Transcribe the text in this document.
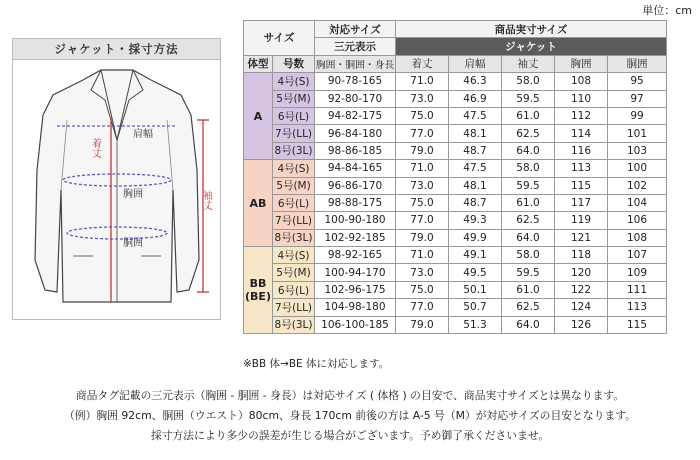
単位：cm
ジャケット・採寸方法
肩幅
胸囲
胴囲
着丈
袖丈
サイズ		対応サイズ	商品実寸サイズ				
		三元表示	ジャケット				
体型	号数	胸囲・胴囲・身長	着丈	肩幅	袖丈	胸囲	胴囲
A	4号(S)	90-78-165	71.0	46.3	58.0	108	95
	5号(M)	92-80-170	73.0	46.9	59.5	110	97
	6号(L)	94-82-175	75.0	47.5	61.0	112	99
	7号(LL)	96-84-180	77.0	48.1	62.5	114	101
	8号(3L)	98-86-185	79.0	48.7	64.0	116	103
AB	4号(S)	94-84-165	71.0	47.5	58.0	113	100
	5号(M)	96-86-170	73.0	48.1	59.5	115	102
	6号(L)	98-88-175	75.0	48.7	61.0	117	104
	7号(LL)	100-90-180	77.0	49.3	62.5	119	106
	8号(3L)	102-92-185	79.0	49.9	64.0	121	108
BB
(BE)	4号(S)	98-92-165	71.0	49.1	58.0	118	107
	5号(M)	100-94-170	73.0	49.5	59.5	120	109
	6号(L)	102-96-175	75.0	50.1	61.0	122	111
	7号(LL)	104-98-180	77.0	50.7	62.5	124	113
	8号(3L)	106-100-185	79.0	51.3	64.0	126	115
※BB 体→BE 体に対応します。
商品タグ記載の三元表示（胸囲 - 胴囲 - 身長）は対応サイズ ( 体格 ) の目安で、商品実寸サイズとは異なります。
（例）胸囲 92cm、胴囲（ウエスト）80cm、身長 170cm 前後の方は A-5 号（M）が対応サイズの目安となります。
採寸方法により多少の誤差が生じる場合がございます。予め御了承くださいませ。
